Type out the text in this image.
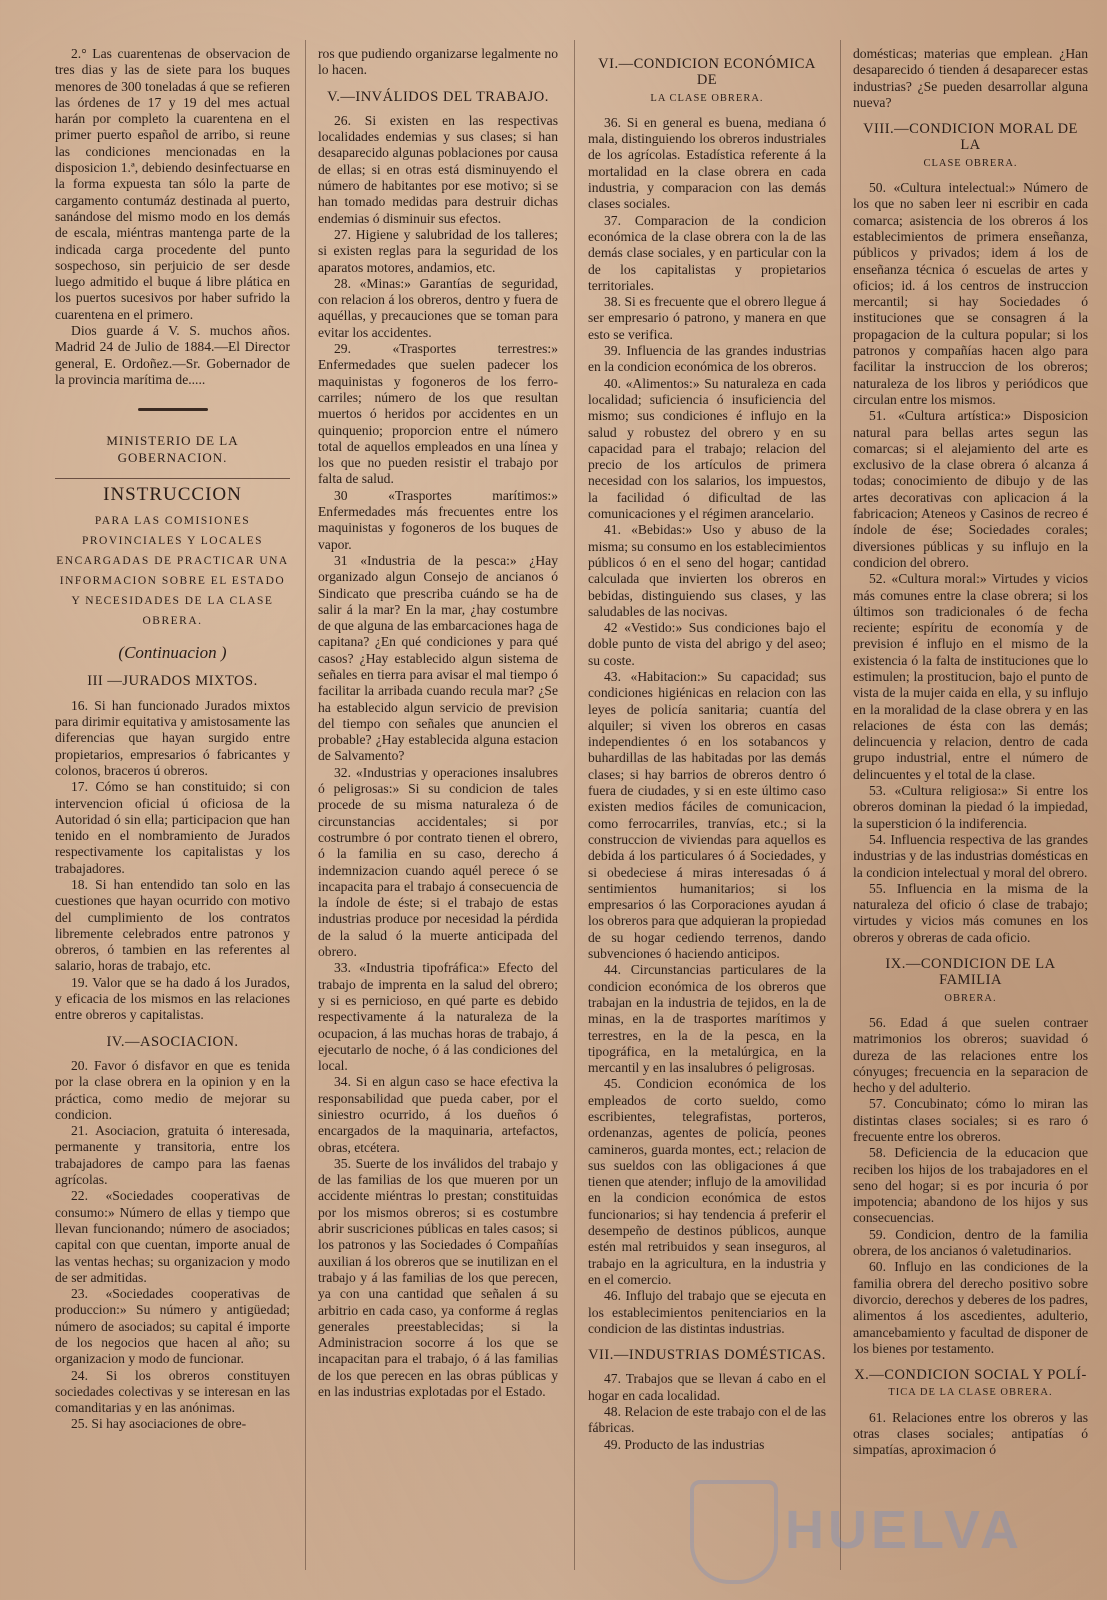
2.° Las cuarentenas de observacion de tres dias y las de siete para los buques menores de 300 toneladas á que se refieren las órdenes de 17 y 19 del mes actual harán por completo la cuarentena en el primer puerto español de arribo, si reune las condiciones mencionadas en la disposicion 1.ª, debiendo desinfectuarse en la forma expuesta tan sólo la parte de cargamento contumáz destinada al puerto, sanándose del mismo modo en los demás de escala, miéntras mantenga parte de la indicada carga procedente del punto sospechoso, sin perjuicio de ser desde luego admitido el buque á libre plática en los puertos sucesivos por haber sufrido la cuarentena en el primero.

Dios guarde á V. S. muchos años. Madrid 24 de Julio de 1884.—El Director general, E. Ordoñez.—Sr. Gobernador de la provincia marítima de.....

MINISTERIO DE LA GOBERNACION.
INSTRUCCION
PARA LAS COMISIONES PROVINCIALES Y LOCALES ENCARGADAS DE PRACTICAR UNA INFORMACION SOBRE EL ESTADO Y NECESIDADES DE LA CLASE OBRERA.
(Continuacion )
III —JURADOS MIXTOS.

16. Si han funcionado Jurados mixtos para dirimir equitativa y amistosamente las diferencias que hayan surgido entre propietarios, empresarios ó fabricantes y colonos, braceros ú obreros.

17. Cómo se han constituido; si con intervencion oficial ú oficiosa de la Autoridad ó sin ella; participacion que han tenido en el nombramiento de Jurados respectivamente los capitalistas y los trabajadores.

18. Si han entendido tan solo en las cuestiones que hayan ocurrido con motivo del cumplimiento de los contratos libremente celebrados entre patronos y obreros, ó tambien en las referentes al salario, horas de trabajo, etc.

19. Valor que se ha dado á los Jurados, y eficacia de los mismos en las relaciones entre obreros y capitalistas.

IV.—ASOCIACION.

20. Favor ó disfavor en que es tenida por la clase obrera en la opinion y en la práctica, como medio de mejorar su condicion.

21. Asociacion, gratuita ó interesada, permanente y transitoria, entre los trabajadores de campo para las faenas agrícolas.

22. «Sociedades cooperativas de consumo:» Número de ellas y tiempo que llevan funcionando; número de asociados; capital con que cuentan, importe anual de las ventas hechas; su organizacion y modo de ser admitidas.

23. «Sociedades cooperativas de produccion:» Su número y antigüedad; número de asociados; su capital é importe de los negocios que hacen al año; su organizacion y modo de funcionar.

24. Si los obreros constituyen sociedades colectivas y se interesan en las comanditarias y en las anónimas.

25. Si hay asociaciones de obre-

ros que pudiendo organizarse legalmente no lo hacen.

V.—INVÁLIDOS DEL TRABAJO.

26. Si existen en las respectivas localidades endemias y sus clases; si han desaparecido algunas poblaciones por causa de ellas; si en otras está disminuyendo el número de habitantes por ese motivo; si se han tomado medidas para destruir dichas endemias ó disminuir sus efectos.

27. Higiene y salubridad de los talleres; si existen reglas para la seguridad de los aparatos motores, andamios, etc.

28. «Minas:» Garantías de seguridad, con relacion á los obreros, dentro y fuera de aquéllas, y precauciones que se toman para evitar los accidentes.

29. «Trasportes terrestres:» Enfermedades que suelen padecer los maquinistas y fogoneros de los ferro-carriles; número de los que resultan muertos ó heridos por accidentes en un quinquenio; proporcion entre el número total de aquellos empleados en una línea y los que no pueden resistir el trabajo por falta de salud.

30 «Trasportes marítimos:» Enfermedades más frecuentes entre los maquinistas y fogoneros de los buques de vapor.

31 «Industria de la pesca:» ¿Hay organizado algun Consejo de ancianos ó Sindicato que prescriba cuándo se ha de salir á la mar? En la mar, ¿hay costumbre de que alguna de las embarcaciones haga de capitana? ¿En qué condiciones y para qué casos? ¿Hay establecido algun sistema de señales en tierra para avisar el mal tiempo ó facilitar la arribada cuando recula mar? ¿Se ha establecido algun servicio de prevision del tiempo con señales que anuncien el probable? ¿Hay establecida alguna estacion de Salvamento?

32. «Industrias y operaciones insalubres ó peligrosas:» Si su condicion de tales procede de su misma naturaleza ó de circunstancias accidentales; si por costrumbre ó por contrato tienen el obrero, ó la familia en su caso, derecho á indemnizacion cuando aquél perece ó se incapacita para el trabajo á consecuencia de la índole de éste; si el trabajo de estas industrias produce por necesidad la pérdida de la salud ó la muerte anticipada del obrero.

33. «Industria tipofráfica:» Efecto del trabajo de imprenta en la salud del obrero; y si es pernicioso, en qué parte es debido respectivamente á la naturaleza de la ocupacion, á las muchas horas de trabajo, á ejecutarlo de noche, ó á las condiciones del local.

34. Si en algun caso se hace efectiva la responsabilidad que pueda caber, por el siniestro ocurrido, á los dueños ó encargados de la maquinaria, artefactos, obras, etcétera.

35. Suerte de los inválidos del trabajo y de las familias de los que mueren por un accidente miéntras lo prestan; constituidas por los mismos obreros; si es costumbre abrir suscriciones públicas en tales casos; si los patronos y las Sociedades ó Compañías auxilian á los obreros que se inutilizan en el trabajo y á las familias de los que perecen, ya con una cantidad que señalen á su arbitrio en cada caso, ya conforme á reglas generales preestablecidas; si la Administracion socorre á los que se incapacitan para el trabajo, ó á las familias de los que perecen en las obras públicas y en las industrias explotadas por el Estado.

VI.—CONDICION ECONÓMICA DE
LA CLASE OBRERA.

36. Si en general es buena, mediana ó mala, distinguiendo los obreros industriales de los agrícolas. Estadística referente á la mortalidad en la clase obrera en cada industria, y comparacion con las demás clases sociales.

37. Comparacion de la condicion económica de la clase obrera con la de las demás clase sociales, y en particular con la de los capitalistas y propietarios territoriales.

38. Si es frecuente que el obrero llegue á ser empresario ó patrono, y manera en que esto se verifica.

39. Influencia de las grandes industrias en la condicion económica de los obreros.

40. «Alimentos:» Su naturaleza en cada localidad; suficiencia ó insuficiencia del mismo; sus condiciones é influjo en la salud y robustez del obrero y en su capacidad para el trabajo; relacion del precio de los artículos de primera necesidad con los salarios, los impuestos, la facilidad ó dificultad de las comunicaciones y el régimen arancelario.

41. «Bebidas:» Uso y abuso de la misma; su consumo en los establecimientos públicos ó en el seno del hogar; cantidad calculada que invierten los obreros en bebidas, distinguiendo sus clases, y las saludables de las nocivas.

42 «Vestido:» Sus condiciones bajo el doble punto de vista del abrigo y del aseo; su coste.

43. «Habitacion:» Su capacidad; sus condiciones higiénicas en relacion con las leyes de policía sanitaria; cuantía del alquiler; si viven los obreros en casas independientes ó en los sotabancos y buhardillas de las habitadas por las demás clases; si hay barrios de obreros dentro ó fuera de ciudades, y si en este último caso existen medios fáciles de comunicacion, como ferrocarriles, tranvías, etc.; si la construccion de viviendas para aquellos es debida á los particulares ó á Sociedades, y si obedeciese á miras interesadas ó á sentimientos humanitarios; si los empresarios ó las Corporaciones ayudan á los obreros para que adquieran la propiedad de su hogar cediendo terrenos, dando subvenciones ó haciendo anticipos.

44. Circunstancias particulares de la condicion económica de los obreros que trabajan en la industria de tejidos, en la de minas, en la de trasportes marítimos y terrestres, en la de la pesca, en la tipográfica, en la metalúrgica, en la mercantil y en las insalubres ó peligrosas.

45. Condicion económica de los empleados de corto sueldo, como escribientes, telegrafistas, porteros, ordenanzas, agentes de policía, peones camineros, guarda montes, ect.; relacion de sus sueldos con las obligaciones á que tienen que atender; influjo de la amovilidad en la condicion económica de estos funcionarios; si hay tendencia á preferir el desempeño de destinos públicos, aunque estén mal retribuidos y sean inseguros, al trabajo en la agricultura, en la industria y en el comercio.

46. Influjo del trabajo que se ejecuta en los establecimientos penitenciarios en la condicion de las distintas industrias.

VII.—INDUSTRIAS DOMÉSTICAS.

47. Trabajos que se llevan á cabo en el hogar en cada localidad.

48. Relacion de este trabajo con el de las fábricas.

49. Producto de las industrias

domésticas; materias que emplean. ¿Han desaparecido ó tienden á desaparecer estas industrias? ¿Se pueden desarrollar alguna nueva?

VIII.—CONDICION MORAL DE LA
CLASE OBRERA.

50. «Cultura intelectual:» Número de los que no saben leer ni escribir en cada comarca; asistencia de los obreros á los establecimientos de primera enseñanza, públicos y privados; idem á los de enseñanza técnica ó escuelas de artes y oficios; id. á los centros de instruccion mercantil; si hay Sociedades ó instituciones que se consagren á la propagacion de la cultura popular; si los patronos y compañías hacen algo para facilitar la instruccion de los obreros; naturaleza de los libros y periódicos que circulan entre los mismos.

51. «Cultura artística:» Disposicion natural para bellas artes segun las comarcas; si el alejamiento del arte es exclusivo de la clase obrera ó alcanza á todas; conocimiento de dibujo y de las artes decorativas con aplicacion á la fabricacion; Ateneos y Casinos de recreo é índole de ése; Sociedades corales; diversiones públicas y su influjo en la condicion del obrero.

52. «Cultura moral:» Virtudes y vicios más comunes entre la clase obrera; si los últimos son tradicionales ó de fecha reciente; espíritu de economía y de prevision é influjo en el mismo de la existencia ó la falta de instituciones que lo estimulen; la prostitucion, bajo el punto de vista de la mujer caida en ella, y su influjo en la moralidad de la clase obrera y en las relaciones de ésta con las demás; delincuencia y relacion, dentro de cada grupo industrial, entre el número de delincuentes y el total de la clase.

53. «Cultura religiosa:» Si entre los obreros dominan la piedad ó la impiedad, la supersticion ó la indiferencia.

54. Influencia respectiva de las grandes industrias y de las industrias domésticas en la condicion intelectual y moral del obrero.

55. Influencia en la misma de la naturaleza del oficio ó clase de trabajo; virtudes y vicios más comunes en los obreros y obreras de cada oficio.

IX.—CONDICION DE LA FAMILIA
OBRERA.

56. Edad á que suelen contraer matrimonios los obreros; suavidad ó dureza de las relaciones entre los cónyuges; frecuencia en la separacion de hecho y del adulterio.

57. Concubinato; cómo lo miran las distintas clases sociales; si es raro ó frecuente entre los obreros.

58. Deficiencia de la educacion que reciben los hijos de los trabajadores en el seno del hogar; si es por incuria ó por impotencia; abandono de los hijos y sus consecuencias.

59. Condicion, dentro de la familia obrera, de los ancianos ó valetudinarios.

60. Influjo en las condiciones de la familia obrera del derecho positivo sobre divorcio, derechos y deberes de los padres, alimentos á los ascedientes, adulterio, amancebamiento y facultad de disponer de los bienes por testamento.

X.—CONDICION SOCIAL Y POLÍ-
TICA DE LA CLASE OBRERA.

61. Relaciones entre los obreros y las otras clases sociales; antipatías ó simpatías, aproximacion ó

HUELVA
